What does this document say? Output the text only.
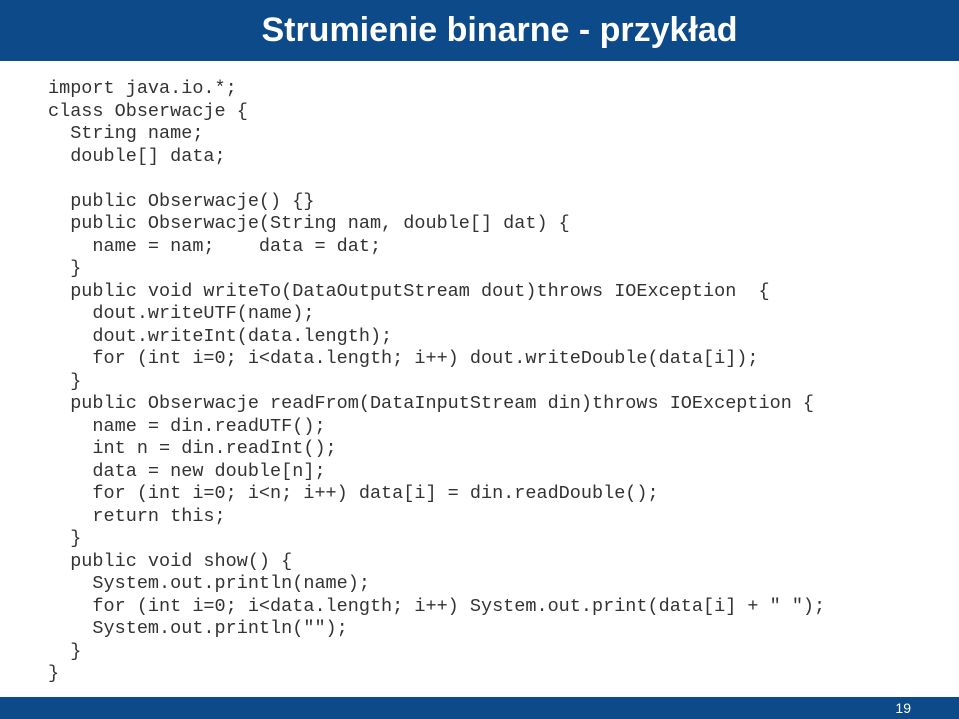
Strumienie binarne - przykład
import java.io.*;
class Obserwacje {
String name;
double[] data;
public Obserwacje() {}
public Obserwacje(String nam, double[] dat) {
name = nam;    data = dat;
}
public void writeTo(DataOutputStream dout)throws IOException  {
dout.writeUTF(name);
dout.writeInt(data.length);
for (int i=0; i<data.length; i++) dout.writeDouble(data[i]);
}
public Obserwacje readFrom(DataInputStream din)throws IOException {
name = din.readUTF();
int n = din.readInt();
data = new double[n];
for (int i=0; i<n; i++) data[i] = din.readDouble();
return this;
}
public void show() {
System.out.println(name);
for (int i=0; i<data.length; i++) System.out.print(data[i] + " ");
System.out.println("");
}
}
19
